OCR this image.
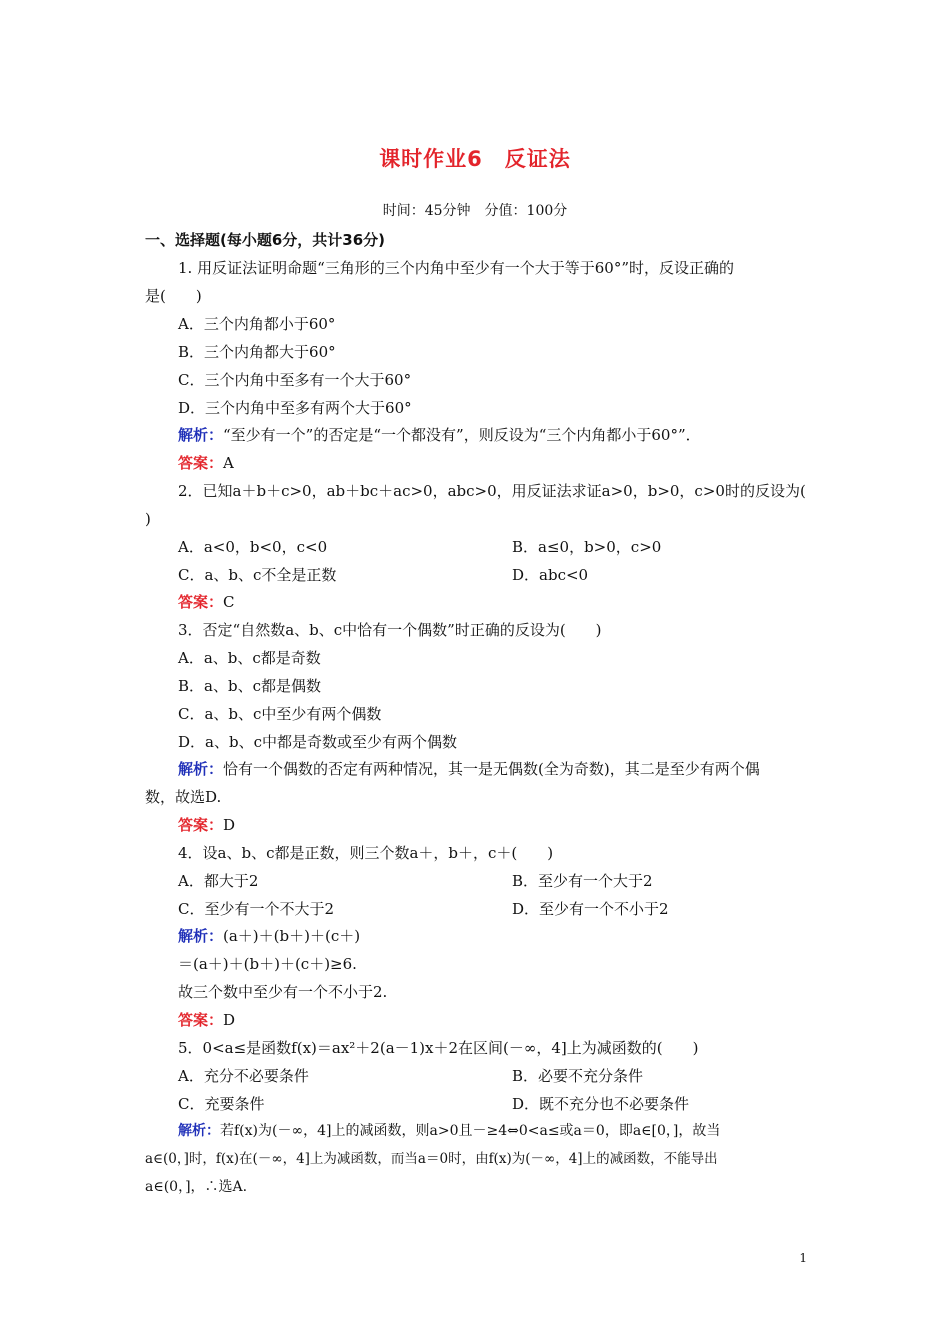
课时作业6　反证法
时间：45分钟　分值：100分
一、选择题(每小题6分，共计36分)
1. 用反证法证明命题“三角形的三个内角中至少有一个大于等于60°”时，反设正确的
是(　　)
A．三个内角都小于60°
B．三个内角都大于60°
C．三个内角中至多有一个大于60°
D．三个内角中至多有两个大于60°
解析：“至少有一个”的否定是“一个都没有”，则反设为“三个内角都小于60°”．
答案：A
2．已知a＋b＋c>0，ab＋bc＋ac>0，abc>0，用反证法求证a>0，b>0，c>0时的反设为(
)
A．a<0，b<0，c<0	B．a≤0，b>0，c>0
C．a、b、c不全是正数	D．abc<0
答案：C
3．否定“自然数a、b、c中恰有一个偶数”时正确的反设为(　　)
A．a、b、c都是奇数
B．a、b、c都是偶数
C．a、b、c中至少有两个偶数
D．a、b、c中都是奇数或至少有两个偶数
解析：恰有一个偶数的否定有两种情况，其一是无偶数(全为奇数)，其二是至少有两个偶
数，故选D.
答案：D
4．设a、b、c都是正数，则三个数a＋，b＋，c＋(　　)
A．都大于2	B．至少有一个大于2
C．至少有一个不大于2	D．至少有一个不小于2
解析：(a＋)＋(b＋)＋(c＋)
＝(a＋)＋(b＋)＋(c＋)≥6.
故三个数中至少有一个不小于2.
答案：D
5．0<a≤是函数f(x)＝ax²＋2(a－1)x＋2在区间(－∞，4]上为减函数的(　　)
A．充分不必要条件	B．必要不充分条件
C．充要条件	D．既不充分也不必要条件
解析：若f(x)为(－∞，4]上的减函数，则a>0且－≥4⇔0<a≤或a＝0，即a∈[0，]，故当
a∈(0，]时，f(x)在(－∞，4]上为减函数，而当a＝0时，由f(x)为(－∞，4]上的减函数，不能导出
a∈(0，]，∴选A.
1
